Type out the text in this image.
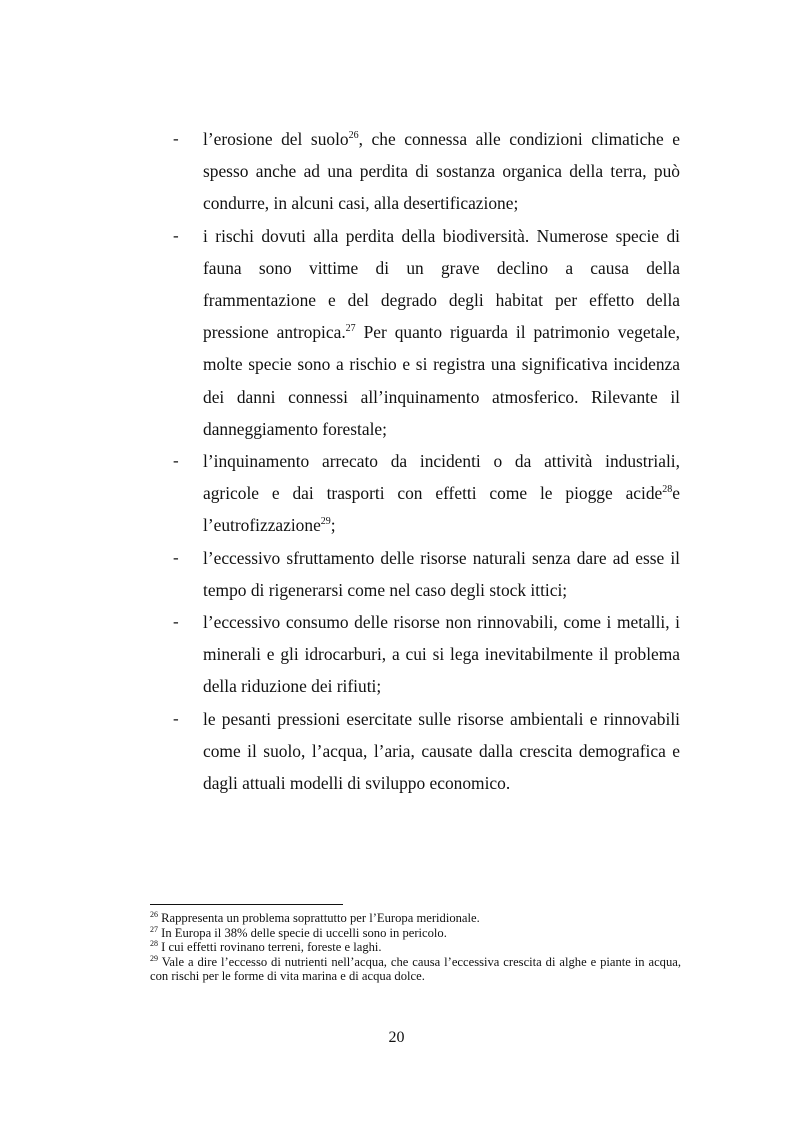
- l’erosione del suolo$^{26}$, che connessa alle condizioni climatiche e spesso anche ad una perdita di sostanza organica della terra, può condurre, in alcuni casi, alla desertificazione;
- i rischi dovuti alla perdita della biodiversità. Numerose specie di fauna sono vittime di un grave declino a causa della frammentazione e del degrado degli habitat per effetto della pressione antropica.$^{27}$ Per quanto riguarda il patrimonio vegetale, molte specie sono a rischio e si registra una significativa incidenza dei danni connessi all’inquinamento atmosferico. Rilevante il danneggiamento forestale;
- l’inquinamento arrecato da incidenti o da attività industriali, agricole e dai trasporti con effetti come le piogge acide$^{28}$e l’eutrofizzazione$^{29}$;
- l’eccessivo sfruttamento delle risorse naturali senza dare ad esse il tempo di rigenerarsi come nel caso degli stock ittici;
- l’eccessivo consumo delle risorse non rinnovabili, come i metalli, i minerali e gli idrocarburi, a cui si lega inevitabilmente il problema della riduzione dei rifiuti;
- le pesanti pressioni esercitate sulle risorse ambientali e rinnovabili come il suolo, l’acqua, l’aria, causate dalla crescita demografica e dagli attuali modelli di sviluppo economico.
$^{26}$ Rappresenta un problema soprattutto per l’Europa meridionale.
$^{27}$ In Europa il 38% delle specie di uccelli sono in pericolo.
$^{28}$ I cui effetti rovinano terreni, foreste e laghi.
$^{29}$ Vale a dire l’eccesso di nutrienti nell’acqua, che causa l’eccessiva crescita di alghe e piante in acqua, con rischi per le forme di vita marina e di acqua dolce.
20
